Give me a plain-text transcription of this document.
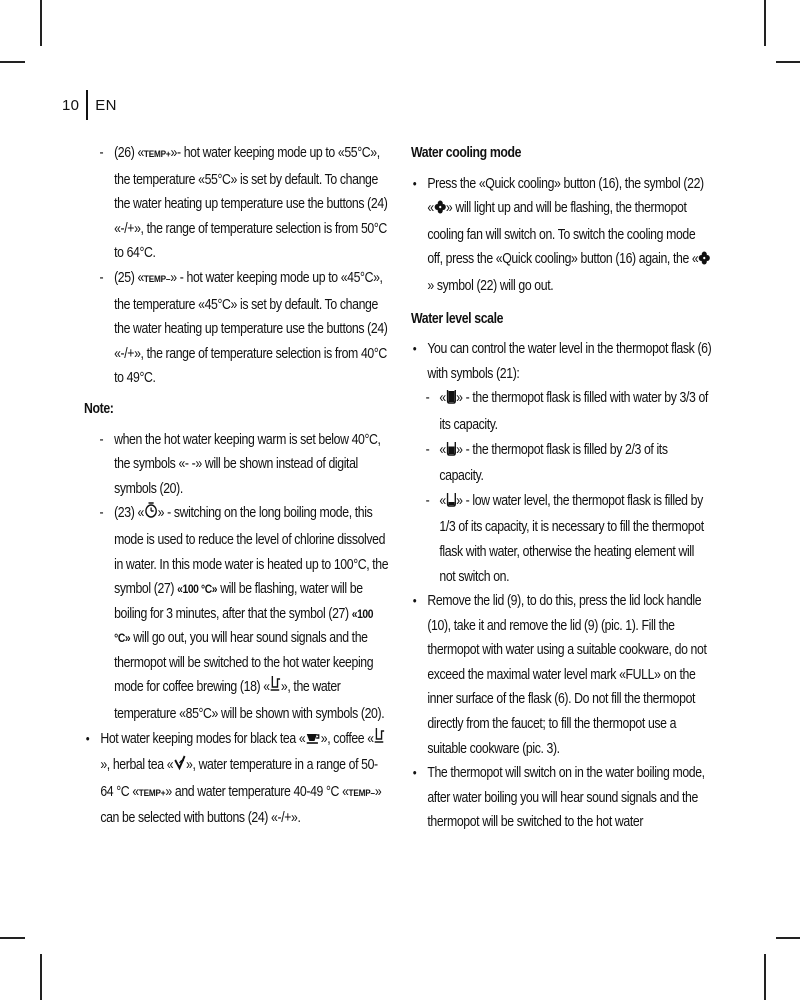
10 EN
- (26) «TEMP+»- hot water keeping mode up to «55°C», the temperature «55°C» is set by default. To change the water heating up temperature use the buttons (24) «-/+», the range of temperature selection is from 50°C to 64°C.
- (25) «TEMP–» - hot water keeping mode up to «45°C», the temperature «45°C» is set by default. To change the water heating up temperature use the buttons (24) «-/+», the range of temperature selection is from 40°C to 49°C.
Note:
- when the hot water keeping warm is set below 40°C, the symbols «- -» will be shown instead of digital symbols (20).
- (23) « » - switching on the long boiling mode, this mode is used to reduce the level of chlorine dissolved in water. In this mode water is heated up to 100°C, the symbol (27) «100 °C» will be flashing, water will be boiling for 3 minutes, after that the symbol (27) «100 °C» will go out, you will hear sound signals and the thermopot will be switched to the hot water keeping mode for coffee brewing (18) « », the water temperature «85°C» will be shown with symbols (20).
• Hot water keeping modes for black tea « », coffee «», herbal tea « », water temperature in a range of 50-64 °C «TEMP+» and water temperature 40-49 °C «TEMP–» can be selected with buttons (24) «-/+».
Water cooling mode
• Press the «Quick cooling» button (16), the symbol (22) « » will light up and will be flashing, the thermopot cooling fan will switch on. To switch the cooling mode off, press the «Quick cooling» button (16) again, the «» symbol (22) will go out.
Water level scale
• You can control the water level in the thermopot flask (6) with symbols (21):
- « » - the thermopot flask is filled with water by 3/3 of its capacity.
- « » - the thermopot flask is filled by 2/3 of its capacity.
- « » - low water level, the thermopot flask is filled by 1/3 of its capacity, it is necessary to fill the thermopot flask with water, otherwise the heating element will not switch on.
• Remove the lid (9), to do this, press the lid lock handle (10), take it and remove the lid (9) (pic. 1). Fill the thermopot with water using a suitable cookware, do not exceed the maximal water level mark «FULL» on the inner surface of the flask (6). Do not fill the thermopot directly from the faucet; to fill the thermopot use a suitable cookware (pic. 3).
• The thermopot will switch on in the water boiling mode, after water boiling you will hear sound signals and the thermopot will be switched to the hot water
